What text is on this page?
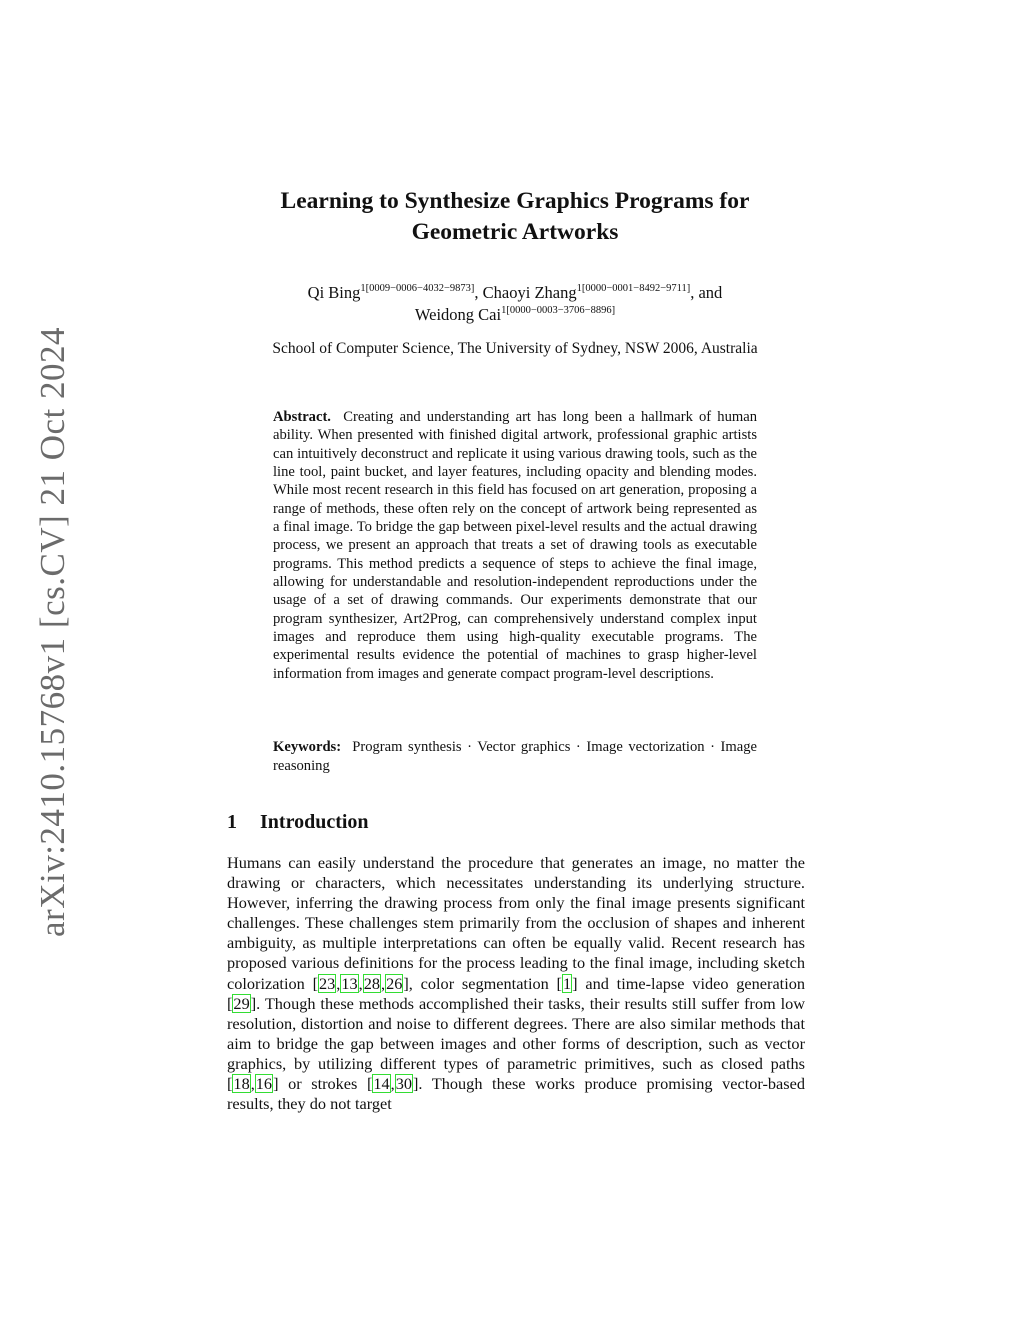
arXiv:2410.15768v1 [cs.CV] 21 Oct 2024
Learning to Synthesize Graphics Programs for
Geometric Artworks
Qi Bing$^{1[0009-0006-4032-9873]}$, Chaoyi Zhang$^{1[0000-0001-8492-9711]}$, and
Weidong Cai$^{1[0000-0003-3706-8896]}$
School of Computer Science, The University of Sydney, NSW 2006, Australia
Abstract. Creating and understanding art has long been a hallmark of human ability. When presented with finished digital artwork, professional graphic artists can intuitively deconstruct and replicate it using various drawing tools, such as the line tool, paint bucket, and layer features, including opacity and blending modes. While most recent research in this field has focused on art generation, proposing a range of methods, these often rely on the concept of artwork being represented as a final image. To bridge the gap between pixel-level results and the actual drawing process, we present an approach that treats a set of drawing tools as executable programs. This method predicts a sequence of steps to achieve the final image, allowing for understandable and resolution-independent reproductions under the usage of a set of drawing commands. Our experiments demonstrate that our program synthesizer, Art2Prog, can comprehensively understand complex input images and reproduce them using high-quality executable programs. The experimental results evidence the potential of machines to grasp higher-level information from images and generate compact program-level descriptions.
Keywords: Program synthesis · Vector graphics · Image vectorization · Image reasoning
1 Introduction
Humans can easily understand the procedure that generates an image, no matter the drawing or characters, which necessitates understanding its underlying structure. However, inferring the drawing process from only the final image presents significant challenges. These challenges stem primarily from the occlusion of shapes and inherent ambiguity, as multiple interpretations can often be equally valid. Recent research has proposed various definitions for the process leading to the final image, including sketch colorization [23,13,28,26], color segmentation [1] and time-lapse video generation [29]. Though these methods accomplished their tasks, their results still suffer from low resolution, distortion and noise to different degrees. There are also similar methods that aim to bridge the gap between images and other forms of description, such as vector graphics, by utilizing different types of parametric primitives, such as closed paths [18,16] or strokes [14,30]. Though these works produce promising vector-based results, they do not target
